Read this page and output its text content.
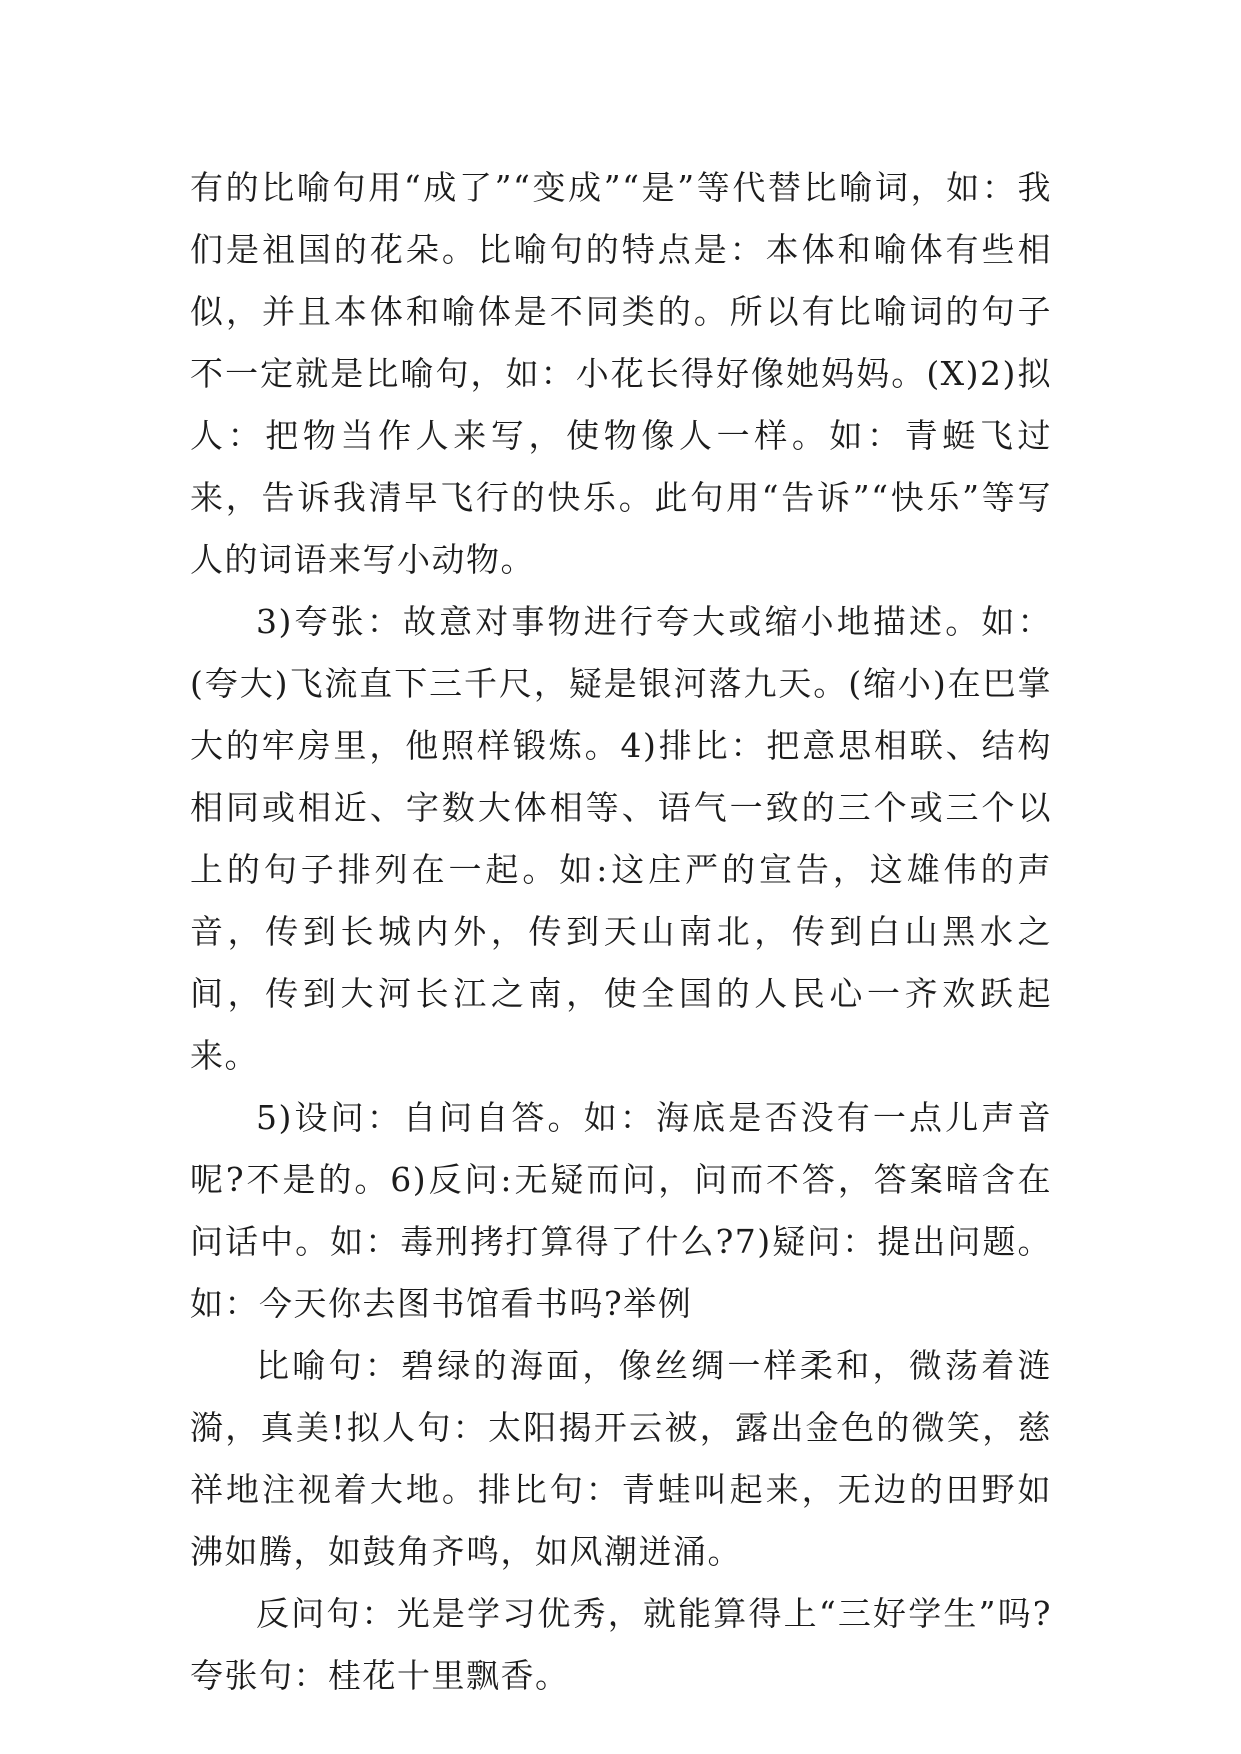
有的比喻句用“成了”“变成”“是”等代替比喻词，如：我们是祖国的花朵。比喻句的特点是：本体和喻体有些相似，并且本体和喻体是不同类的。所以有比喻词的句子不一定就是比喻句，如：小花长得好像她妈妈。(X)2)拟人：把物当作人来写，使物像人一样。如：青蜓飞过来，告诉我清早飞行的快乐。此句用“告诉”“快乐”等写人的词语来写小动物。

3)夸张：故意对事物进行夸大或缩小地描述。如：(夸大)飞流直下三千尺，疑是银河落九天。(缩小)在巴掌大的牢房里，他照样锻炼。4)排比：把意思相联、结构相同或相近、字数大体相等、语气一致的三个或三个以上的句子排列在一起。如:这庄严的宣告，这雄伟的声音，传到长城内外，传到天山南北，传到白山黑水之间，传到大河长江之南，使全国的人民心一齐欢跃起来。

5)设问：自问自答。如：海底是否没有一点儿声音呢?不是的。6)反问:无疑而问，问而不答，答案暗含在问话中。如：毒刑拷打算得了什么?7)疑问：提出问题。如：今天你去图书馆看书吗?举例

比喻句：碧绿的海面，像丝绸一样柔和，微荡着涟漪，真美!拟人句：太阳揭开云被，露出金色的微笑，慈祥地注视着大地。排比句：青蛙叫起来，无边的田野如沸如腾，如鼓角齐鸣，如风潮迸涌。

反问句：光是学习优秀，就能算得上“三好学生”吗?夸张句：桂花十里飘香。
